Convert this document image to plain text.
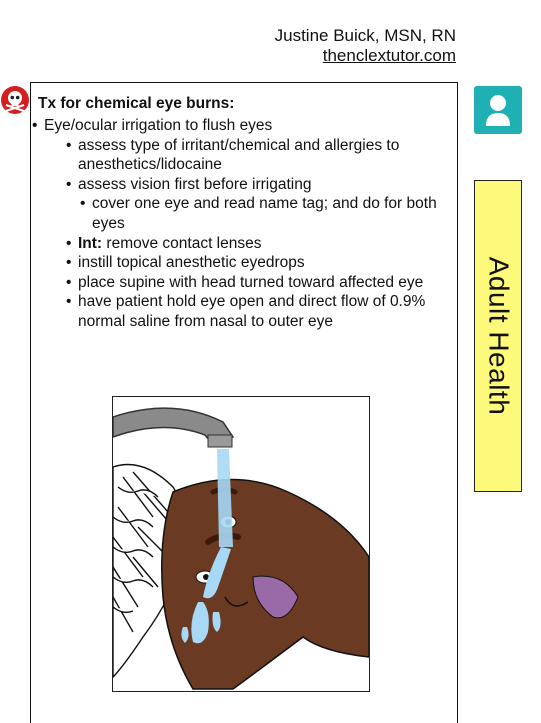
Justine Buick, MSN, RN
thenclextutor.com
Tx for chemical eye burns:
• Eye/ocular irrigation to flush eyes
• assess type of irritant/chemical and allergies to anesthetics/lidocaine
• assess vision first before irrigating
• cover one eye and read name tag; and do for both eyes
• Int: remove contact lenses
• instill topical anesthetic eyedrops
• place supine with head turned toward affected eye
• have patient hold eye open and direct flow of 0.9% normal saline from nasal to outer eye	Adult Health
